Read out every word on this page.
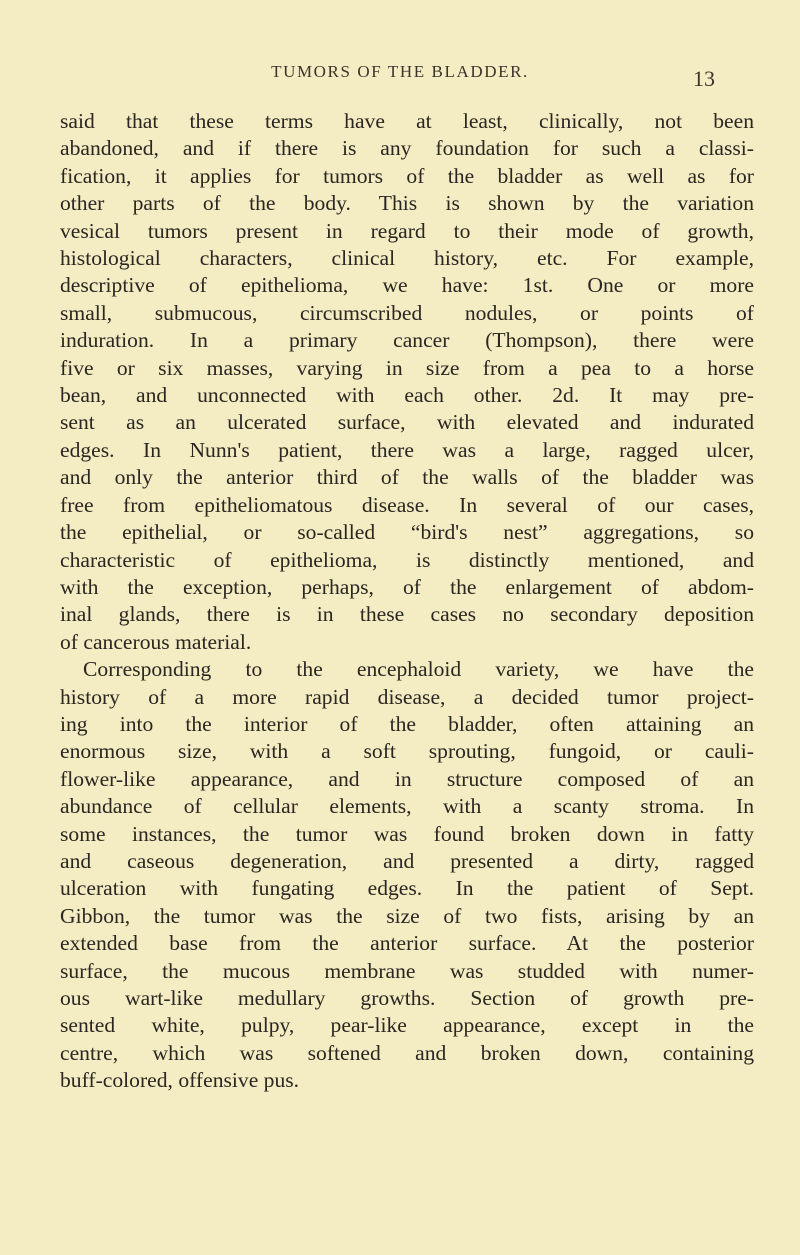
TUMORS OF THE BLADDER.	13
said that these terms have at least, clinically, not been
abandoned, and if there is any foundation for such a classi-
fication, it applies for tumors of the bladder as well as for
other parts of the body. This is shown by the variation
vesical tumors present in regard to their mode of growth,
histological characters, clinical history, etc. For example,
descriptive of epithelioma, we have: 1st. One or more
small, submucous, circumscribed nodules, or points of
induration. In a primary cancer (Thompson), there were
five or six masses, varying in size from a pea to a horse
bean, and unconnected with each other. 2d. It may pre-
sent as an ulcerated surface, with elevated and indurated
edges. In Nunn's patient, there was a large, ragged ulcer,
and only the anterior third of the walls of the bladder was
free from epitheliomatous disease. In several of our cases,
the epithelial, or so-called “bird's nest” aggregations, so
characteristic of epithelioma, is distinctly mentioned, and
with the exception, perhaps, of the enlargement of abdom-
inal glands, there is in these cases no secondary deposition
of cancerous material.
Corresponding to the encephaloid variety, we have the
history of a more rapid disease, a decided tumor project-
ing into the interior of the bladder, often attaining an
enormous size, with a soft sprouting, fungoid, or cauli-
flower-like appearance, and in structure composed of an
abundance of cellular elements, with a scanty stroma. In
some instances, the tumor was found broken down in fatty
and caseous degeneration, and presented a dirty, ragged
ulceration with fungating edges. In the patient of Sept.
Gibbon, the tumor was the size of two fists, arising by an
extended base from the anterior surface. At the posterior
surface, the mucous membrane was studded with numer-
ous wart-like medullary growths. Section of growth pre-
sented white, pulpy, pear-like appearance, except in the
centre, which was softened and broken down, containing
buff-colored, offensive pus.
